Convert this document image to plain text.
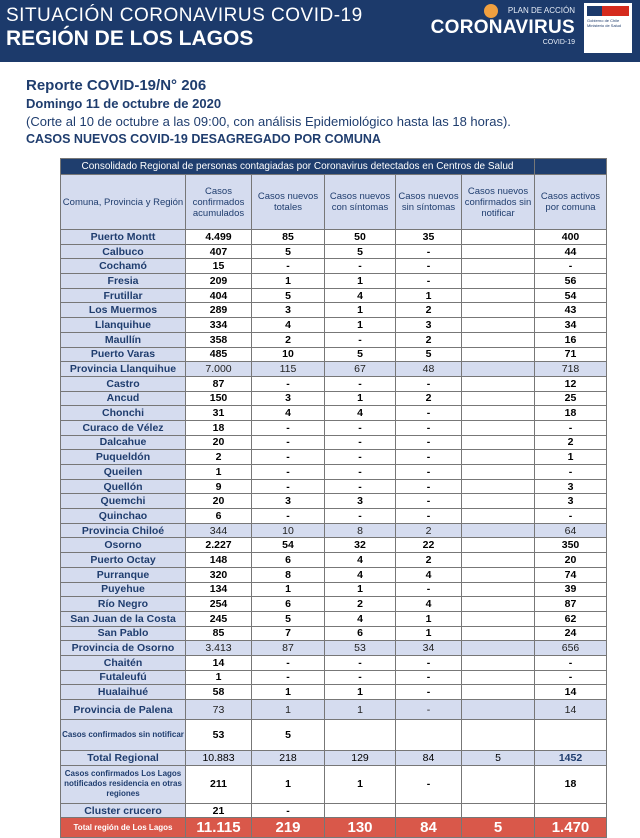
SITUACIÓN CORONAVIRUS COVID-19
REGIÓN DE LOS LAGOS
PLAN DE ACCIÓN
CORONAVIRUS
COVID-19
Gobierno de Chile Ministerio de Salud
Reporte COVID-19/N° 206
Domingo 11 de octubre de 2020
(Corte al 10 de octubre a las 09:00, con análisis Epidemiológico hasta las 18 horas).
CASOS NUEVOS COVID-19 DESAGREGADO POR COMUNA
Consolidado Regional de personas contagiadas por Coronavirus detectados en Centros de Salud						
Comuna, Provincia y Región	Casos confirmados acumulados	Casos nuevos totales	Casos nuevos con síntomas	Casos nuevos sin síntomas	Casos nuevos confirmados sin notificar	Casos activos por comuna
Puerto Montt	4.499	85	50	35		400
Calbuco	407	5	5	-		44
Cochamó	15	-	-	-		-
Fresia	209	1	1	-		56
Frutillar	404	5	4	1		54
Los Muermos	289	3	1	2		43
Llanquihue	334	4	1	3		34
Maullín	358	2	-	2		16
Puerto Varas	485	10	5	5		71
Provincia Llanquihue	7.000	115	67	48		718
Castro	87	-	-	-		12
Ancud	150	3	1	2		25
Chonchi	31	4	4	-		18
Curaco de Vélez	18	-	-	-		-
Dalcahue	20	-	-	-		2
Puqueldón	2	-	-	-		1
Queilen	1	-	-	-		-
Quellón	9	-	-	-		3
Quemchi	20	3	3	-		3
Quinchao	6	-	-	-		-
Provincia Chiloé	344	10	8	2		64
Osorno	2.227	54	32	22		350
Puerto Octay	148	6	4	2		20
Purranque	320	8	4	4		74
Puyehue	134	1	1	-		39
Río Negro	254	6	2	4		87
San Juan de la Costa	245	5	4	1		62
San Pablo	85	7	6	1		24
Provincia de Osorno	3.413	87	53	34		656
Chaitén	14	-	-	-		-
Futaleufú	1	-	-	-		-
Hualaihué	58	1	1	-		14
Provincia de Palena	73	1	1	-		14
Casos confirmados sin notificar	53	5				
Total Regional	10.883	218	129	84	5	1452
Casos confirmados Los Lagos notificados residencia en otras regiones	211	1	1	-		18
Cluster crucero	21	-				
Total región de Los Lagos	11.115	219	130	84	5	1.470
